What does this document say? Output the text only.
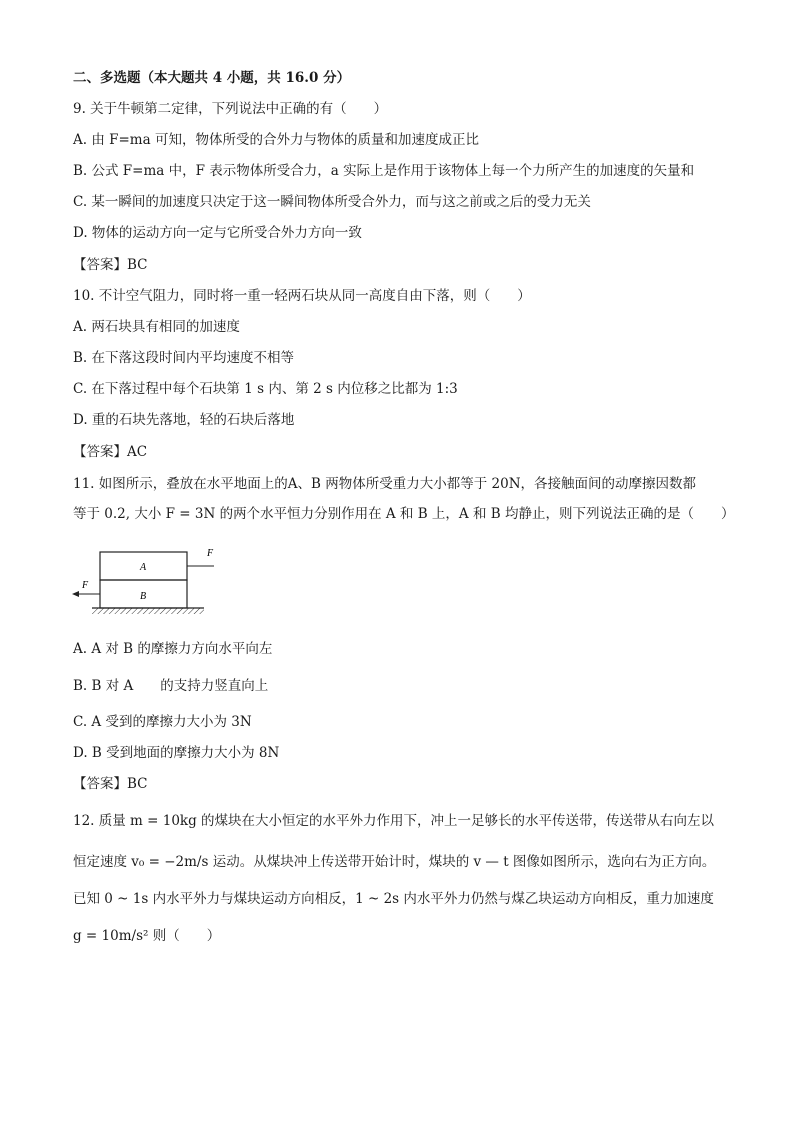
二、多选题（本大题共 4 小题，共 16.0 分）
9. 关于牛顿第二定律，下列说法中正确的有（　　）
A. 由 F=ma 可知，物体所受的合外力与物体的质量和加速度成正比
B. 公式 F=ma 中，F 表示物体所受合力，a 实际上是作用于该物体上每一个力所产生的加速度的矢量和
C. 某一瞬间的加速度只决定于这一瞬间物体所受合外力，而与这之前或之后的受力无关
D. 物体的运动方向一定与它所受合外力方向一致
【答案】BC
10. 不计空气阻力，同时将一重一轻两石块从同一高度自由下落，则（　　）
A. 两石块具有相同的加速度
B. 在下落这段时间内平均速度不相等
C. 在下落过程中每个石块第 1 s 内、第 2 s 内位移之比都为 1:3
D. 重的石块先落地，轻的石块后落地
【答案】AC
11. 如图所示，叠放在水平地面上的A、B 两物体所受重力大小都等于 20N，各接触面间的动摩擦因数都
等于 0.2, 大小 F = 3N 的两个水平恒力分别作用在 A 和 B 上，A 和 B 均静止，则下列说法正确的是（　　）
F
A
F
B
A. A 对 B 的摩擦力方向水平向左
B. B 对 A　　的支持力竖直向上
C. A 受到的摩擦力大小为 3N
D. B 受到地面的摩擦力大小为 8N
【答案】BC
12. 质量 m = 10kg 的煤块在大小恒定的水平外力作用下，冲上一足够长的水平传送带，传送带从右向左以
恒定速度 v₀ = −2m/s 运动。从煤块冲上传送带开始计时，煤块的 v — t 图像如图所示，选向右为正方向。
已知 0 ~ 1s 内水平外力与煤块运动方向相反，1 ~ 2s 内水平外力仍然与煤乙块运动方向相反，重力加速度
g = 10m/s² 则（　　）
